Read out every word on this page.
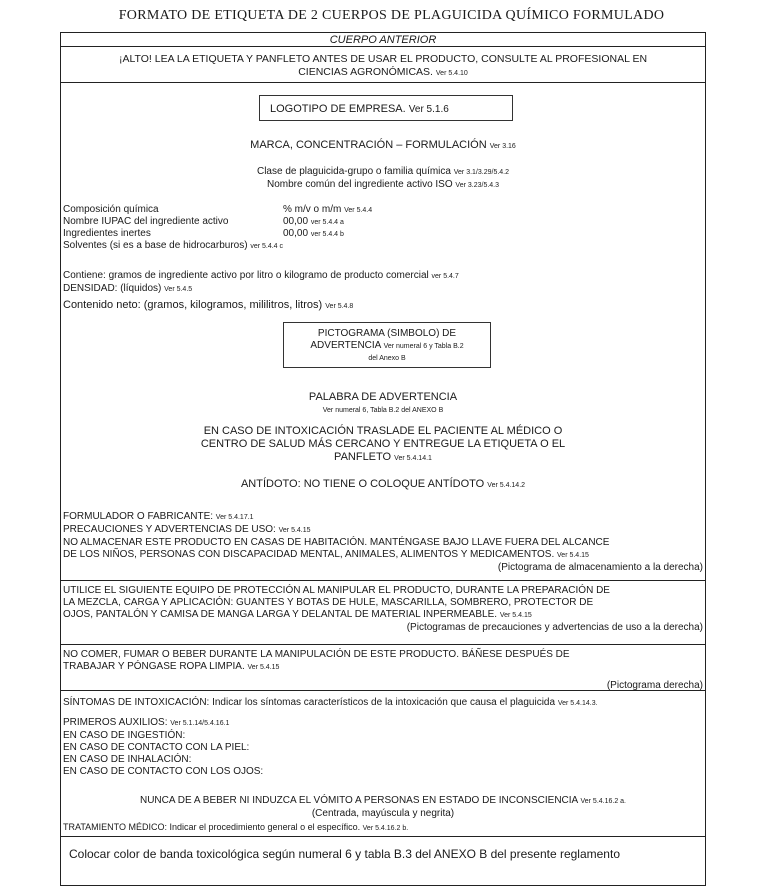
FORMATO DE ETIQUETA DE 2 CUERPOS DE PLAGUICIDA QUÍMICO FORMULADO
CUERPO ANTERIOR
¡ALTO! LEA LA ETIQUETA Y PANFLETO ANTES DE USAR EL PRODUCTO, CONSULTE AL PROFESIONAL EN
CIENCIAS AGRONÓMICAS. Ver 5.4.10
LOGOTIPO DE EMPRESA. Ver 5.1.6
MARCA, CONCENTRACIÓN – FORMULACIÓN Ver 3.16
Clase de plaguicida-grupo o familia química Ver 3.1/3.29/5.4.2
Nombre común del ingrediente activo ISO Ver 3.23/5.4.3
Composición química	% m/v o m/m Ver 5.4.4
Nombre IUPAC del ingrediente activo	00,00 ver 5.4.4 a
Ingredientes inertes	00,00 ver 5.4.4 b
Solventes (si es a base de hidrocarburos) ver 5.4.4 c
Contiene: gramos de ingrediente activo por litro o kilogramo de producto comercial ver 5.4.7
DENSIDAD: (líquidos) Ver 5.4.5
Contenido neto: (gramos, kilogramos, mililitros, litros) Ver 5.4.8
PICTOGRAMA (SIMBOLO) DE
ADVERTENCIA Ver numeral 6 y Tabla B.2
del Anexo B
PALABRA DE ADVERTENCIA
Ver numeral 6, Tabla B.2 del ANEXO B
EN CASO DE INTOXICACIÓN TRASLADE EL PACIENTE AL MÉDICO O
CENTRO DE SALUD MÁS CERCANO Y ENTREGUE LA ETIQUETA O EL
PANFLETO Ver 5.4.14.1
ANTÍDOTO: NO TIENE O COLOQUE ANTÍDOTO Ver 5.4.14.2
FORMULADOR O FABRICANTE: Ver 5.4.17.1
PRECAUCIONES Y ADVERTENCIAS DE USO: Ver 5.4.15
NO ALMACENAR ESTE PRODUCTO EN CASAS DE HABITACIÓN. MANTÉNGASE BAJO LLAVE FUERA DEL ALCANCE
DE LOS NIÑOS, PERSONAS CON DISCAPACIDAD MENTAL, ANIMALES, ALIMENTOS Y MEDICAMENTOS. Ver 5.4.15
(Pictograma de almacenamiento a la derecha)
UTILICE EL SIGUIENTE EQUIPO DE PROTECCIÓN AL MANIPULAR EL PRODUCTO, DURANTE LA PREPARACIÓN DE
LA MEZCLA, CARGA Y APLICACIÓN: GUANTES Y BOTAS DE HULE, MASCARILLA, SOMBRERO, PROTECTOR DE
OJOS, PANTALÓN Y CAMISA DE MANGA LARGA Y DELANTAL DE MATERIAL INPERMEABLE. Ver 5.4.15
(Pictogramas de precauciones y advertencias de uso a la derecha)
NO COMER, FUMAR O BEBER DURANTE LA MANIPULACIÓN DE ESTE PRODUCTO. BÁÑESE DESPUÉS DE
TRABAJAR Y PÓNGASE ROPA LIMPIA. Ver 5.4.15
(Pictograma derecha)
SÍNTOMAS DE INTOXICACIÓN: Indicar los síntomas característicos de la intoxicación que causa el plaguicida Ver 5.4.14.3.
PRIMEROS AUXILIOS: Ver 5.1.14/5.4.16.1
EN CASO DE INGESTIÓN:
EN CASO DE CONTACTO CON LA PIEL:
EN CASO DE INHALACIÓN:
EN CASO DE CONTACTO CON LOS OJOS:
NUNCA DE A BEBER NI INDUZCA EL VÓMITO A PERSONAS EN ESTADO DE INCONSCIENCIA Ver 5.4.16.2 a.
(Centrada, mayúscula y negrita)
TRATAMIENTO MÉDICO: Indicar el procedimiento general o el específico. Ver 5.4.16.2 b.
Colocar color de banda toxicológica según numeral 6 y tabla B.3 del ANEXO B del presente reglamento
